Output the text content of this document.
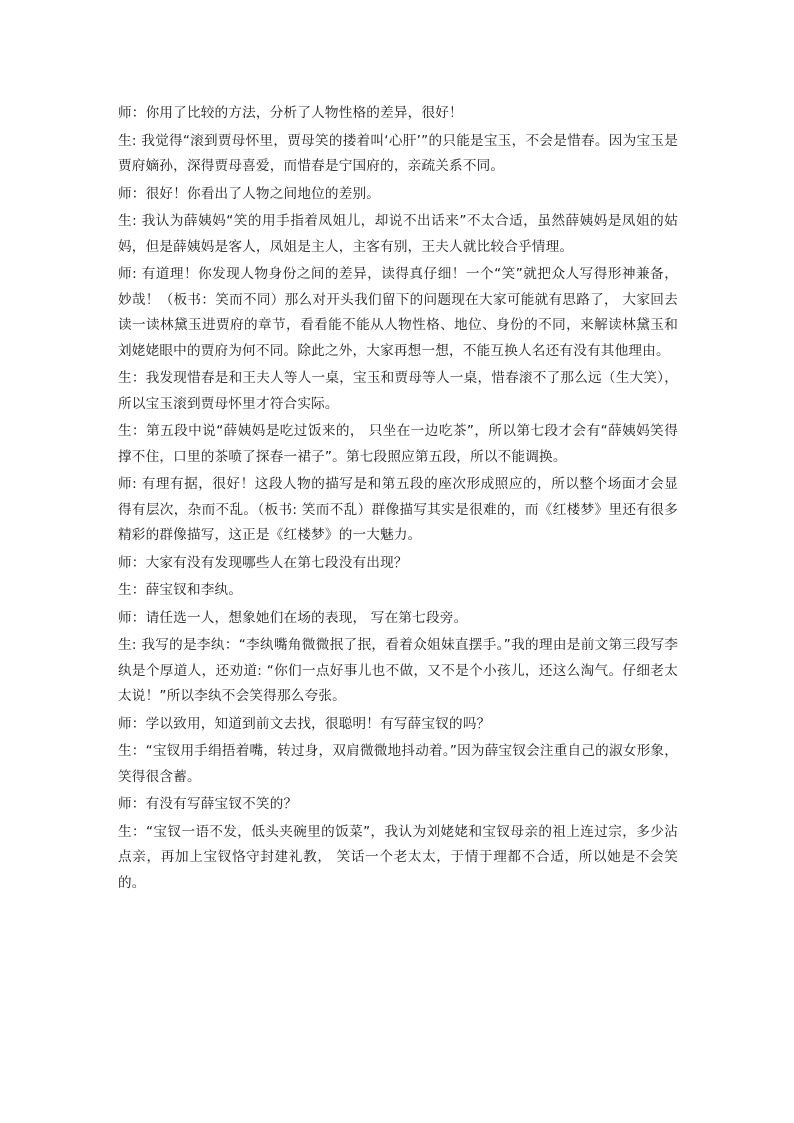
师：你用了比较的方法，分析了人物性格的差异，很好！

生: 我觉得“滚到贾母怀里，贾母笑的搂着叫‘心肝’”的只能是宝玉，不会是惜春。因为宝玉是贾府嫡孙，深得贾母喜爱，而惜春是宁国府的，亲疏关系不同。

师：很好！你看出了人物之间地位的差别。

生: 我认为薛姨妈“笑的用手指着凤姐儿，却说不出话来”不太合适，虽然薛姨妈是凤姐的姑妈，但是薛姨妈是客人，凤姐是主人，主客有别，王夫人就比较合乎情理。

师: 有道理！你发现人物身份之间的差异，读得真仔细！一个“笑”就把众人写得形神兼备，妙哉！（板书：笑而不同）那么对开头我们留下的问题现在大家可能就有思路了， 大家回去读一读林黛玉进贾府的章节，看看能不能从人物性格、地位、身份的不同，来解读林黛玉和刘姥姥眼中的贾府为何不同。除此之外，大家再想一想，不能互换人名还有没有其他理由。

生：我发现惜春是和王夫人等人一桌，宝玉和贾母等人一桌，惜春滚不了那么远（生大笑），所以宝玉滚到贾母怀里才符合实际。

生：第五段中说“薛姨妈是吃过饭来的， 只坐在一边吃茶”，所以第七段才会有“薛姨妈笑得撑不住，口里的茶喷了探春一裙子”。第七段照应第五段，所以不能调换。

师: 有理有据，很好！这段人物的描写是和第五段的座次形成照应的，所以整个场面才会显得有层次，杂而不乱。（板书: 笑而不乱）群像描写其实是很难的，而《红楼梦》里还有很多精彩的群像描写，这正是《红楼梦》的一大魅力。

师：大家有没有发现哪些人在第七段没有出现？

生：薛宝钗和李纨。

师：请任选一人，想象她们在场的表现， 写在第七段旁。

生: 我写的是李纨：“李纨嘴角微微抿了抿，看着众姐妹直摆手。”我的理由是前文第三段写李纨是个厚道人，还劝道: “你们一点好事儿也不做，又不是个小孩儿，还这么淘气。仔细老太太说！”所以李纨不会笑得那么夸张。

师：学以致用，知道到前文去找，很聪明！有写薛宝钗的吗？

生：“宝钗用手绢捂着嘴，转过身，双肩微微地抖动着。”因为薛宝钗会注重自己的淑女形象，笑得很含蓄。

师：有没有写薛宝钗不笑的？

生：“宝钗一语不发，低头夹碗里的饭菜”，我认为刘姥姥和宝钗母亲的祖上连过宗，多少沾点亲，再加上宝钗恪守封建礼教， 笑话一个老太太，于情于理都不合适，所以她是不会笑的。
